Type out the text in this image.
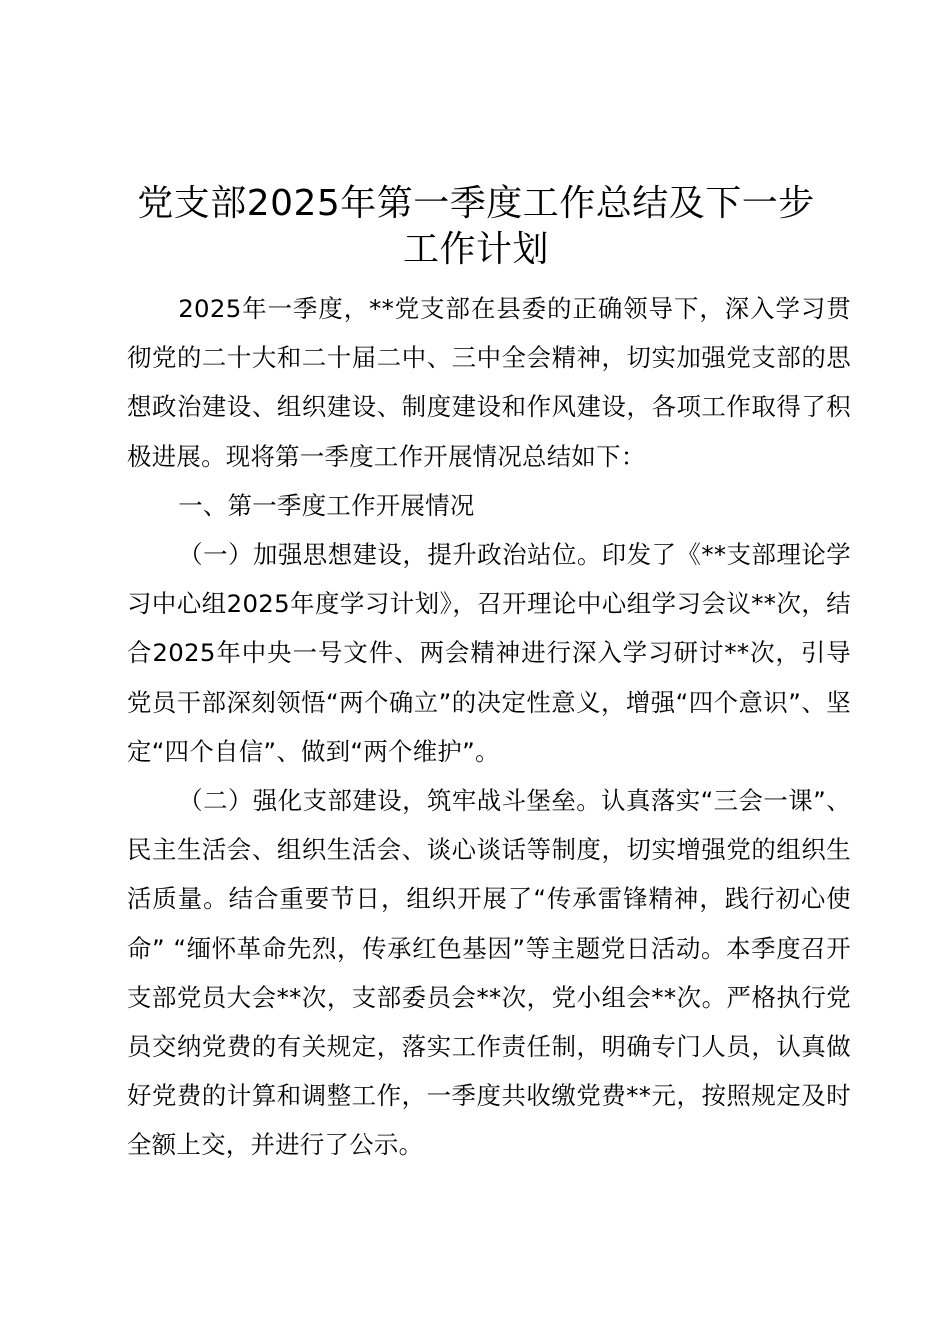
党支部2025年第一季度工作总结及下一步工作计划

2025年一季度，**党支部在县委的正确领导下，深入学习贯彻党的二十大和二十届二中、三中全会精神，切实加强党支部的思想政治建设、组织建设、制度建设和作风建设，各项工作取得了积极进展。现将第一季度工作开展情况总结如下：

一、第一季度工作开展情况

（一）加强思想建设，提升政治站位。印发了《**支部理论学习中心组2025年度学习计划》，召开理论中心组学习会议**次，结合2025年中央一号文件、两会精神进行深入学习研讨**次，引导党员干部深刻领悟“两个确立”的决定性意义，增强“四个意识”、坚定“四个自信”、做到“两个维护”。

（二）强化支部建设，筑牢战斗堡垒。认真落实“三会一课”、民主生活会、组织生活会、谈心谈话等制度，切实增强党的组织生活质量。结合重要节日，组织开展了“传承雷锋精神，践行初心使命” “缅怀革命先烈，传承红色基因”等主题党日活动。本季度召开支部党员大会**次，支部委员会**次，党小组会**次。严格执行党员交纳党费的有关规定，落实工作责任制，明确专门人员，认真做好党费的计算和调整工作，一季度共收缴党费**元，按照规定及时全额上交，并进行了公示。
